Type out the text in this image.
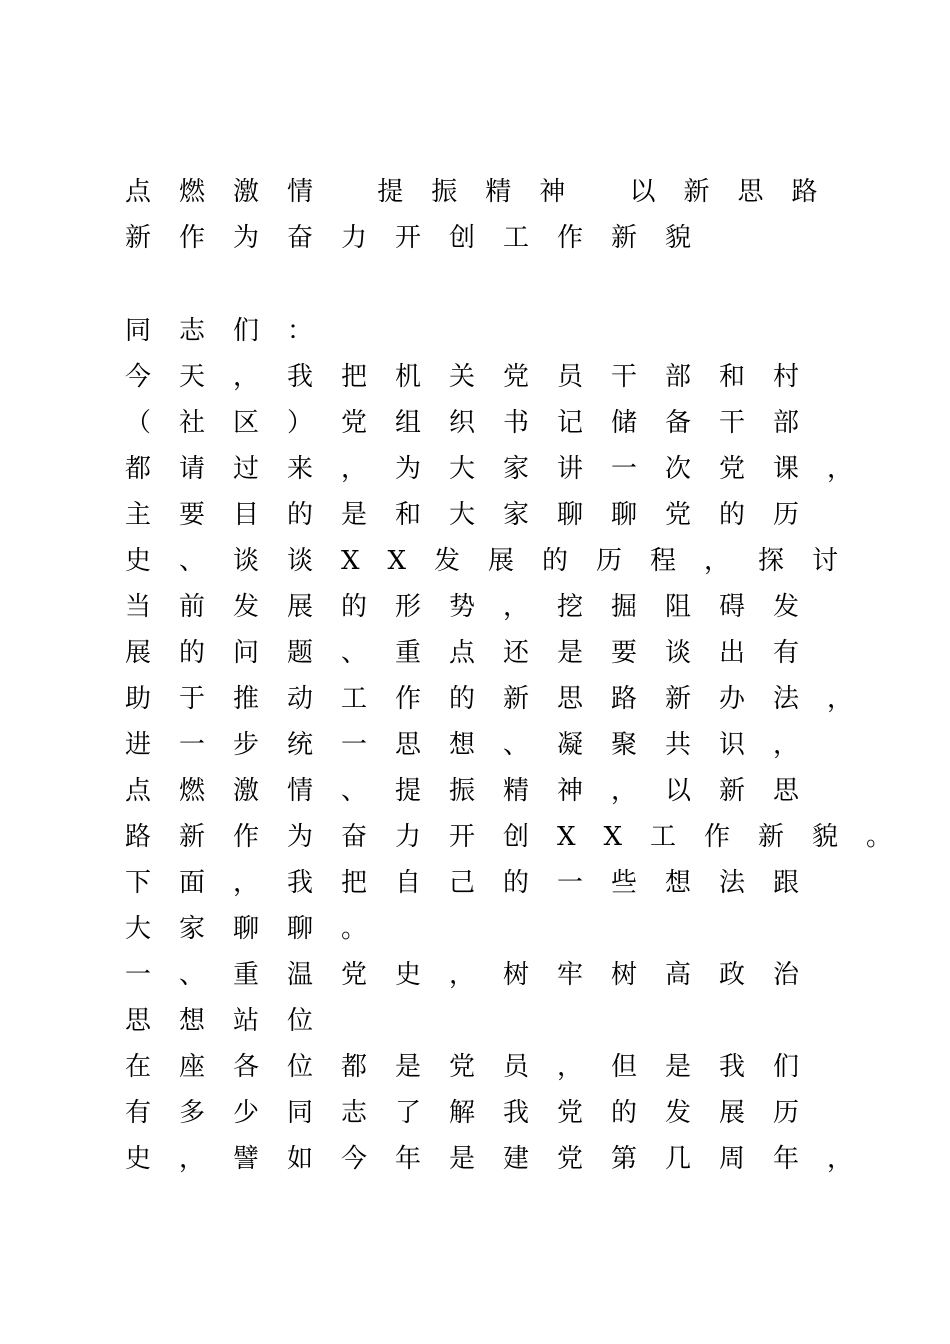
点燃激情 提振精神 以新思路
新作为奋力开创工作新貌
同志们：
今天，我把机关党员干部和村
（社区）党组织书记储备干部
都请过来，为大家讲一次党课，
主要目的是和大家聊聊党的历
史、谈谈XX发展的历程，探讨
当前发展的形势，挖掘阻碍发
展的问题、重点还是要谈出有
助于推动工作的新思路新办法，
进一步统一思想、凝聚共识，
点燃激情、提振精神，以新思
路新作为奋力开创XX工作新貌。
下面，我把自己的一些想法跟
大家聊聊。
一、重温党史，树牢树高政治
思想站位
在座各位都是党员，但是我们
有多少同志了解我党的发展历
史，譬如今年是建党第几周年，
